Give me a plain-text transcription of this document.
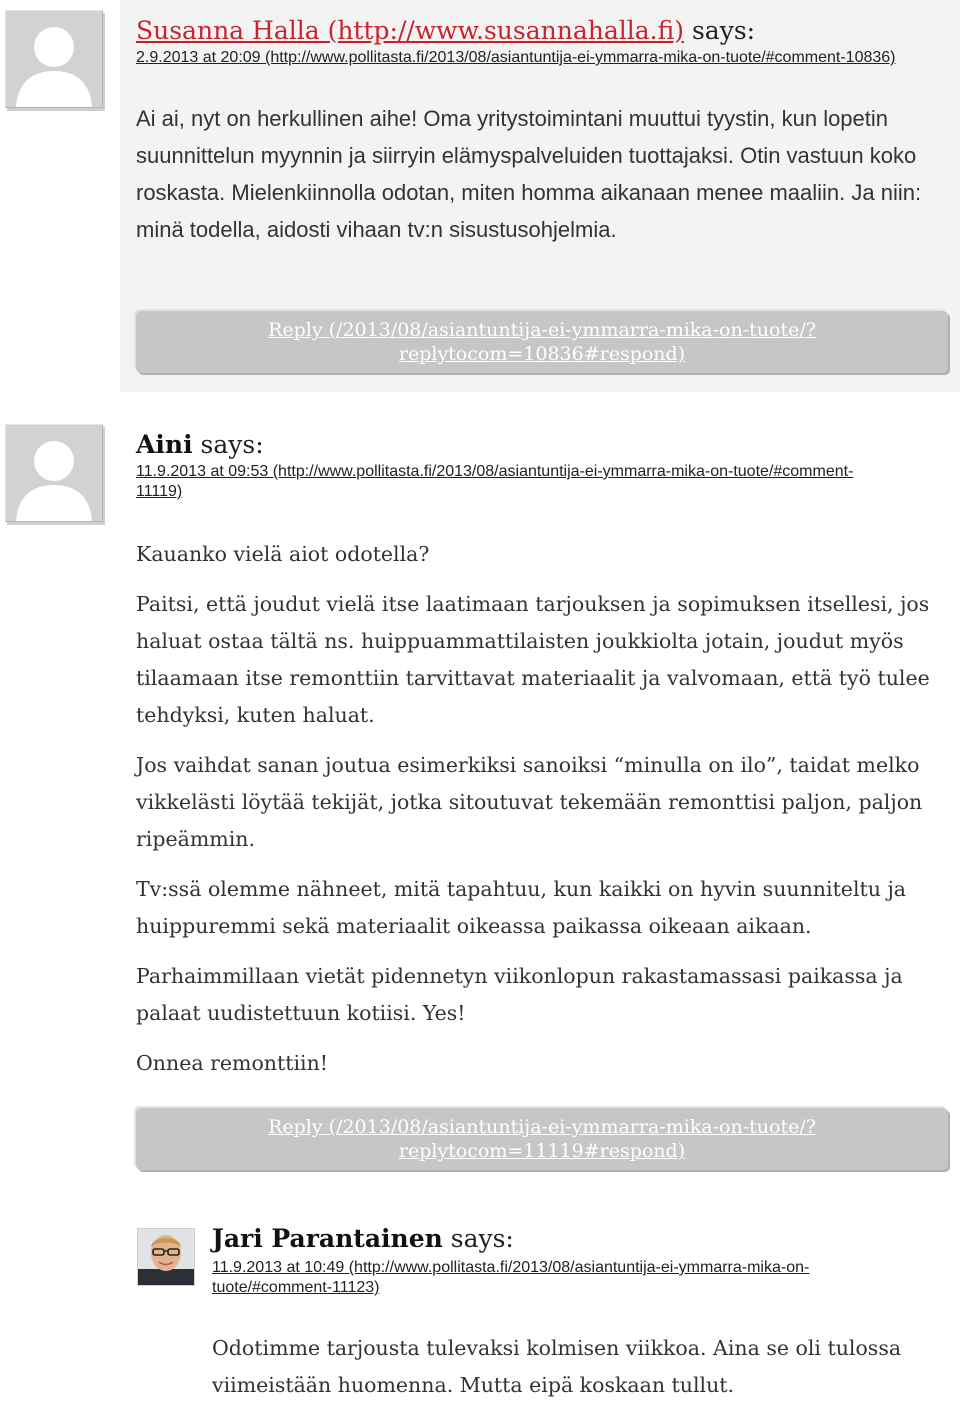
Susanna Halla (http://www.susannahalla.fi) says:
2.9.2013 at 20:09 (http://www.pollitasta.fi/2013/08/asiantuntija-ei-ymmarra-mika-on-tuote/#comment-10836)

Ai ai, nyt on herkullinen aihe! Oma yritystoimintani muuttui tyystin, kun lopetin suunnittelun myynnin ja siirryin elämyspalveluiden tuottajaksi. Otin vastuun koko roskasta. Mielenkiinnolla odotan, miten homma aikanaan menee maaliin. Ja niin: minä todella, aidosti vihaan tv:n sisustusohjelmia.

Reply (/2013/08/asiantuntija-ei-ymmarra-mika-on-tuote/?
replytocom=10836#respond)
Aini says:
11.9.2013 at 09:53 (http://www.pollitasta.fi/2013/08/asiantuntija-ei-ymmarra-mika-on-tuote/#comment-
11119)

Kauanko vielä aiot odotella?

Paitsi, että joudut vielä itse laatimaan tarjouksen ja sopimuksen itsellesi, jos haluat ostaa tältä ns. huippuammattilaisten joukkiolta jotain, joudut myös tilaamaan itse remonttiin tarvittavat materiaalit ja valvomaan, että työ tulee tehdyksi, kuten haluat.

Jos vaihdat sanan joutua esimerkiksi sanoiksi “minulla on ilo”, taidat melko vikkelästi löytää tekijät, jotka sitoutuvat tekemään remonttisi paljon, paljon ripeämmin.

Tv:ssä olemme nähneet, mitä tapahtuu, kun kaikki on hyvin suunniteltu ja huippuremmi sekä materiaalit oikeassa paikassa oikeaan aikaan.

Parhaimmillaan vietät pidennetyn viikonlopun rakastamassasi paikassa ja palaat uudistettuun kotiisi. Yes!

Onnea remonttiin!

Reply (/2013/08/asiantuntija-ei-ymmarra-mika-on-tuote/?
replytocom=11119#respond)
Jari Parantainen says:
11.9.2013 at 10:49 (http://www.pollitasta.fi/2013/08/asiantuntija-ei-ymmarra-mika-on-
tuote/#comment-11123)

Odotimme tarjousta tulevaksi kolmisen viikkoa. Aina se oli tulossa viimeistään huomenna. Mutta eipä koskaan tullut.
